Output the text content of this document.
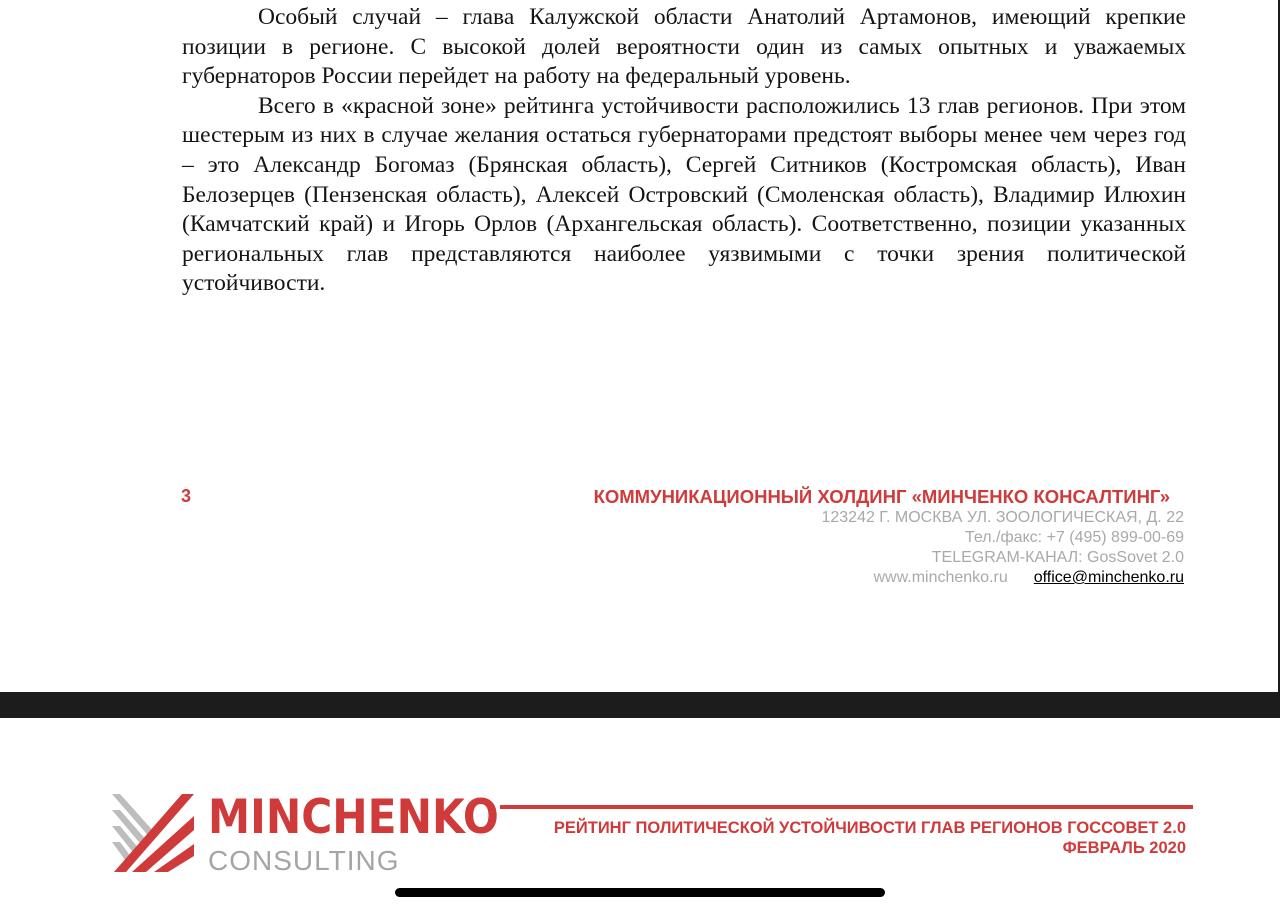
Особый случай – глава Калужской области Анатолий Артамонов, имеющий крепкие позиции в регионе. С высокой долей вероятности один из самых опытных и уважаемых губернаторов России перейдет на работу на федеральный уровень.

Всего в «красной зоне» рейтинга устойчивости расположились 13 глав регионов. При этом шестерым из них в случае желания остаться губернаторами предстоят выборы менее чем через год – это Александр Богомаз (Брянская область), Сергей Ситников (Костромская область), Иван Белозерцев (Пензенская область), Алексей Островский (Смоленская область), Владимир Илюхин (Камчатский край) и Игорь Орлов (Архангельская область). Соответственно, позиции указанных региональных глав представляются наиболее уязвимыми с точки зрения политической устойчивости.

3	КОММУНИКАЦИОННЫЙ ХОЛДИНГ «МИНЧЕНКО КОНСАЛТИНГ»
123242 Г. МОСКВА УЛ. ЗООЛОГИЧЕСКАЯ, Д. 22
Тел./факс: +7 (495) 899-00-69
TELEGRAM-КАНАЛ: GosSovet 2.0
www.minchenko.ru office@minchenko.ru
MINCHENKO
CONSULTING
РЕЙТИНГ ПОЛИТИЧЕСКОЙ УСТОЙЧИВОСТИ ГЛАВ РЕГИОНОВ ГОССОВЕТ 2.0
ФЕВРАЛЬ 2020
